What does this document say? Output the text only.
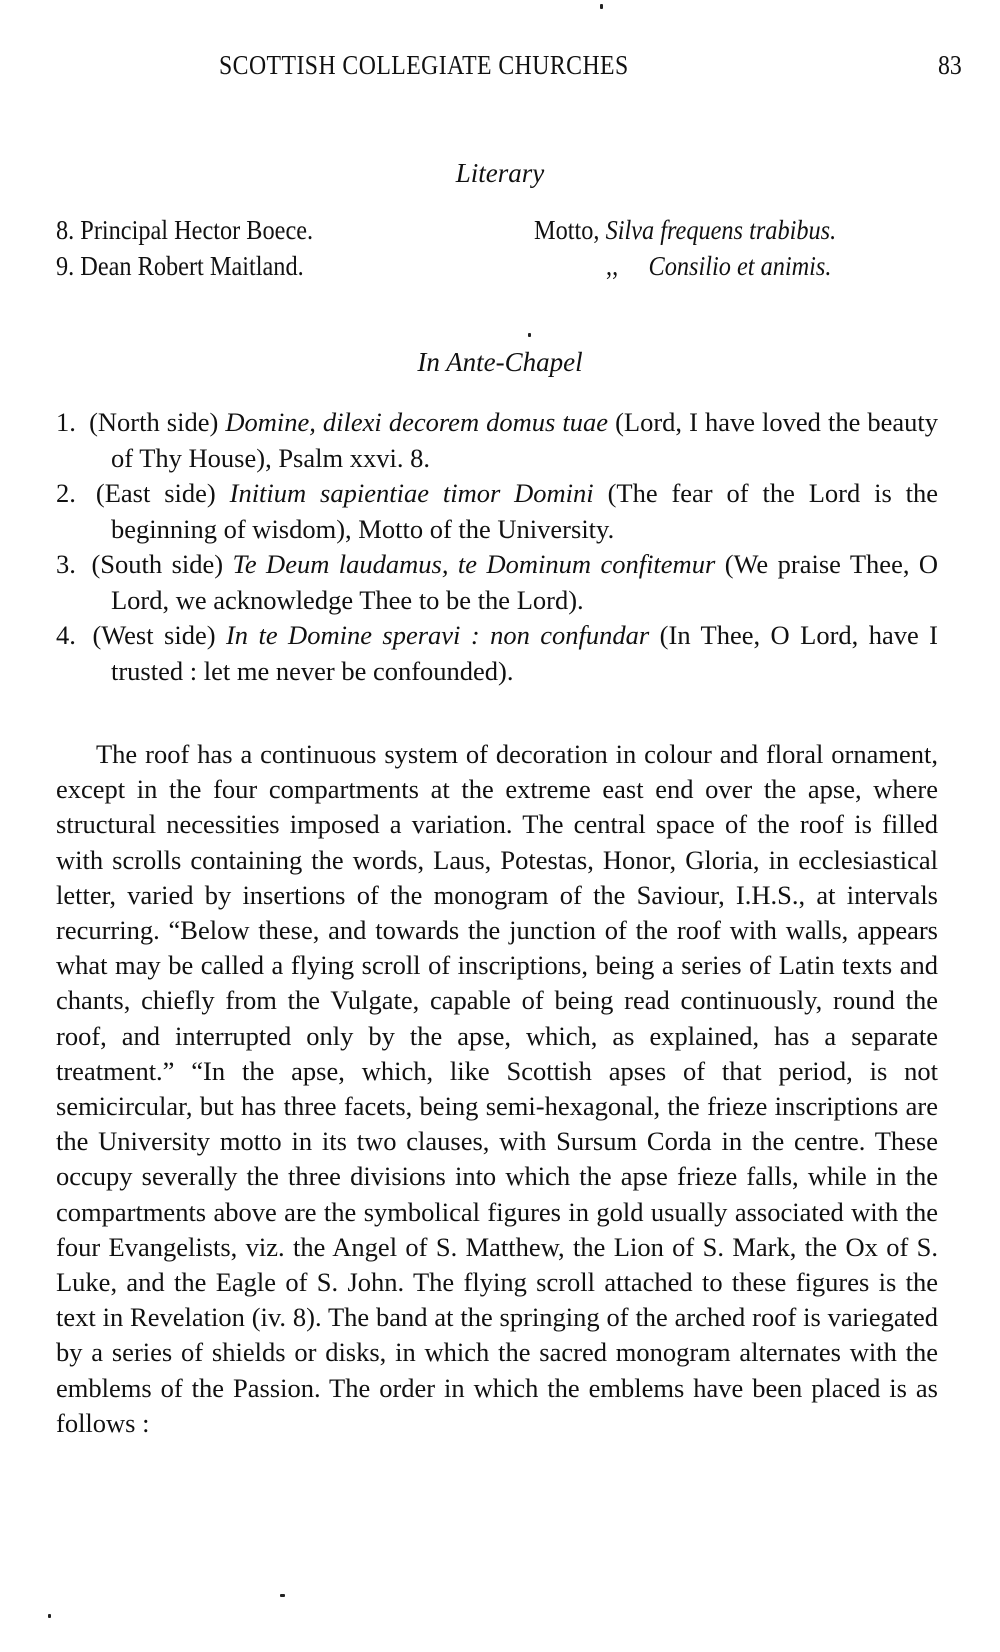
SCOTTISH COLLEGIATE CHURCHES	83
Literary
8. Principal Hector Boece.	Motto, Silva frequens trabibus.
9. Dean Robert Maitland.	,, Consilio et animis.
In Ante-Chapel
1. (North side) Domine, dilexi decorem domus tuae (Lord, I have loved the beauty of Thy House), Psalm xxvi. 8.
2. (East side) Initium sapientiae timor Domini (The fear of the Lord is the beginning of wisdom), Motto of the University.
3. (South side) Te Deum laudamus, te Dominum confitemur (We praise Thee, O Lord, we acknowledge Thee to be the Lord).
4. (West side) In te Domine speravi : non confundar (In Thee, O Lord, have I trusted : let me never be confounded).
The roof has a continuous system of decoration in colour and floral ornament, except in the four compartments at the extreme east end over the apse, where structural necessities imposed a variation. The central space of the roof is filled with scrolls containing the words, Laus, Potestas, Honor, Gloria, in ecclesiastical letter, varied by insertions of the monogram of the Saviour, I.H.S., at intervals recurring. “Below these, and towards the junction of the roof with walls, appears what may be called a flying scroll of inscriptions, being a series of Latin texts and chants, chiefly from the Vulgate, capable of being read continuously, round the roof, and interrupted only by the apse, which, as explained, has a separate treatment.” “In the apse, which, like Scottish apses of that period, is not semicircular, but has three facets, being semi-hexagonal, the frieze inscriptions are the University motto in its two clauses, with Sursum Corda in the centre. These occupy severally the three divisions into which the apse frieze falls, while in the compartments above are the symbolical figures in gold usually associated with the four Evangelists, viz. the Angel of S. Matthew, the Lion of S. Mark, the Ox of S. Luke, and the Eagle of S. John. The flying scroll attached to these figures is the text in Revelation (iv. 8). The band at the springing of the arched roof is variegated by a series of shields or disks, in which the sacred monogram alternates with the emblems of the Passion. The order in which the emblems have been placed is as follows :
